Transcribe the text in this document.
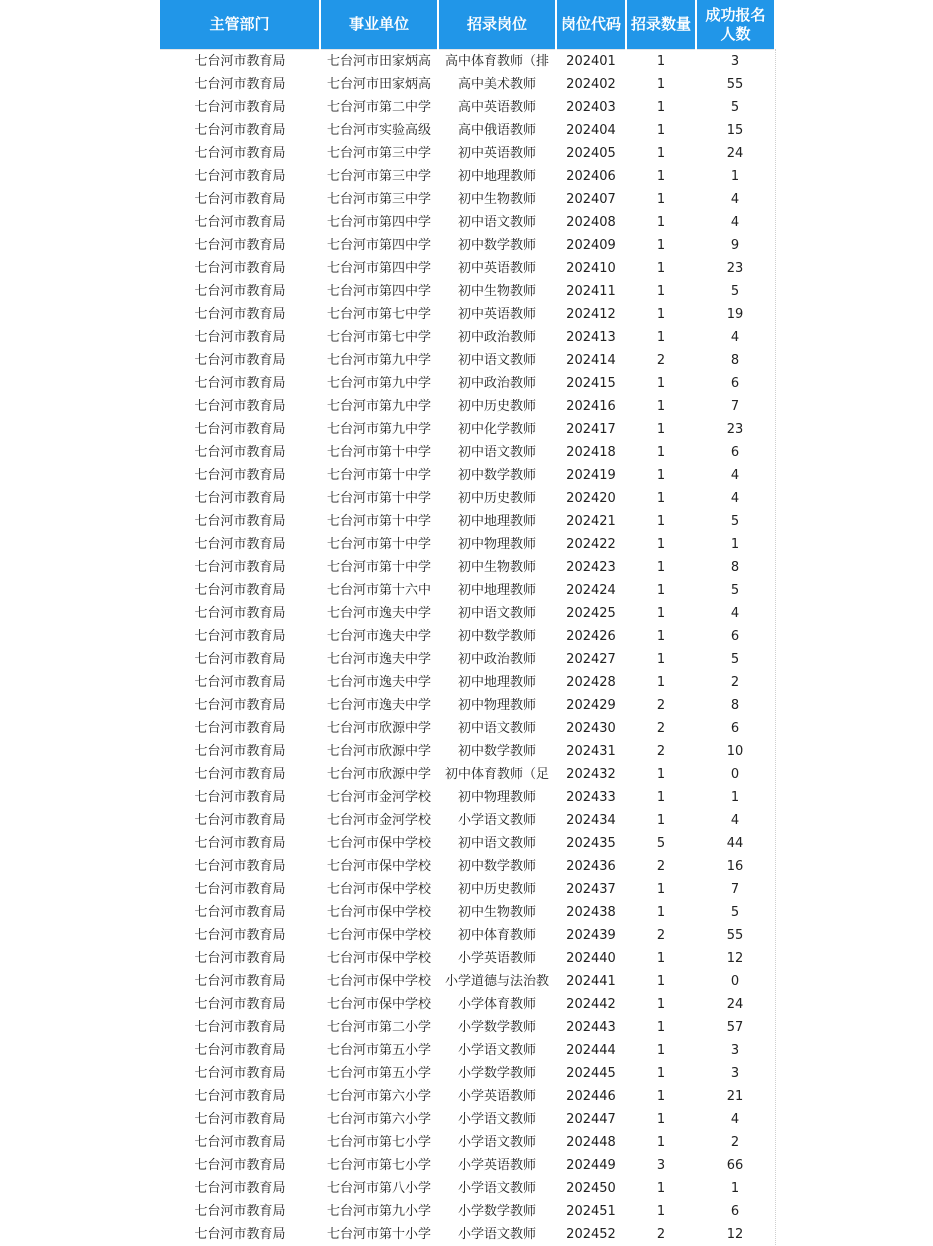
主管部门	事业单位	招录岗位	岗位代码	招录数量	成功报名人数
七台河市教育局	七台河市田家炳高	高中体育教师（排	202401	1	3
七台河市教育局	七台河市田家炳高	高中美术教师	202402	1	55
七台河市教育局	七台河市第二中学	高中英语教师	202403	1	5
七台河市教育局	七台河市实验高级	高中俄语教师	202404	1	15
七台河市教育局	七台河市第三中学	初中英语教师	202405	1	24
七台河市教育局	七台河市第三中学	初中地理教师	202406	1	1
七台河市教育局	七台河市第三中学	初中生物教师	202407	1	4
七台河市教育局	七台河市第四中学	初中语文教师	202408	1	4
七台河市教育局	七台河市第四中学	初中数学教师	202409	1	9
七台河市教育局	七台河市第四中学	初中英语教师	202410	1	23
七台河市教育局	七台河市第四中学	初中生物教师	202411	1	5
七台河市教育局	七台河市第七中学	初中英语教师	202412	1	19
七台河市教育局	七台河市第七中学	初中政治教师	202413	1	4
七台河市教育局	七台河市第九中学	初中语文教师	202414	2	8
七台河市教育局	七台河市第九中学	初中政治教师	202415	1	6
七台河市教育局	七台河市第九中学	初中历史教师	202416	1	7
七台河市教育局	七台河市第九中学	初中化学教师	202417	1	23
七台河市教育局	七台河市第十中学	初中语文教师	202418	1	6
七台河市教育局	七台河市第十中学	初中数学教师	202419	1	4
七台河市教育局	七台河市第十中学	初中历史教师	202420	1	4
七台河市教育局	七台河市第十中学	初中地理教师	202421	1	5
七台河市教育局	七台河市第十中学	初中物理教师	202422	1	1
七台河市教育局	七台河市第十中学	初中生物教师	202423	1	8
七台河市教育局	七台河市第十六中	初中地理教师	202424	1	5
七台河市教育局	七台河市逸夫中学	初中语文教师	202425	1	4
七台河市教育局	七台河市逸夫中学	初中数学教师	202426	1	6
七台河市教育局	七台河市逸夫中学	初中政治教师	202427	1	5
七台河市教育局	七台河市逸夫中学	初中地理教师	202428	1	2
七台河市教育局	七台河市逸夫中学	初中物理教师	202429	2	8
七台河市教育局	七台河市欣源中学	初中语文教师	202430	2	6
七台河市教育局	七台河市欣源中学	初中数学教师	202431	2	10
七台河市教育局	七台河市欣源中学	初中体育教师（足	202432	1	0
七台河市教育局	七台河市金河学校	初中物理教师	202433	1	1
七台河市教育局	七台河市金河学校	小学语文教师	202434	1	4
七台河市教育局	七台河市保中学校	初中语文教师	202435	5	44
七台河市教育局	七台河市保中学校	初中数学教师	202436	2	16
七台河市教育局	七台河市保中学校	初中历史教师	202437	1	7
七台河市教育局	七台河市保中学校	初中生物教师	202438	1	5
七台河市教育局	七台河市保中学校	初中体育教师	202439	2	55
七台河市教育局	七台河市保中学校	小学英语教师	202440	1	12
七台河市教育局	七台河市保中学校	小学道德与法治教	202441	1	0
七台河市教育局	七台河市保中学校	小学体育教师	202442	1	24
七台河市教育局	七台河市第二小学	小学数学教师	202443	1	57
七台河市教育局	七台河市第五小学	小学语文教师	202444	1	3
七台河市教育局	七台河市第五小学	小学数学教师	202445	1	3
七台河市教育局	七台河市第六小学	小学英语教师	202446	1	21
七台河市教育局	七台河市第六小学	小学语文教师	202447	1	4
七台河市教育局	七台河市第七小学	小学语文教师	202448	1	2
七台河市教育局	七台河市第七小学	小学英语教师	202449	3	66
七台河市教育局	七台河市第八小学	小学语文教师	202450	1	1
七台河市教育局	七台河市第九小学	小学数学教师	202451	1	6
七台河市教育局	七台河市第十小学	小学语文教师	202452	2	12
